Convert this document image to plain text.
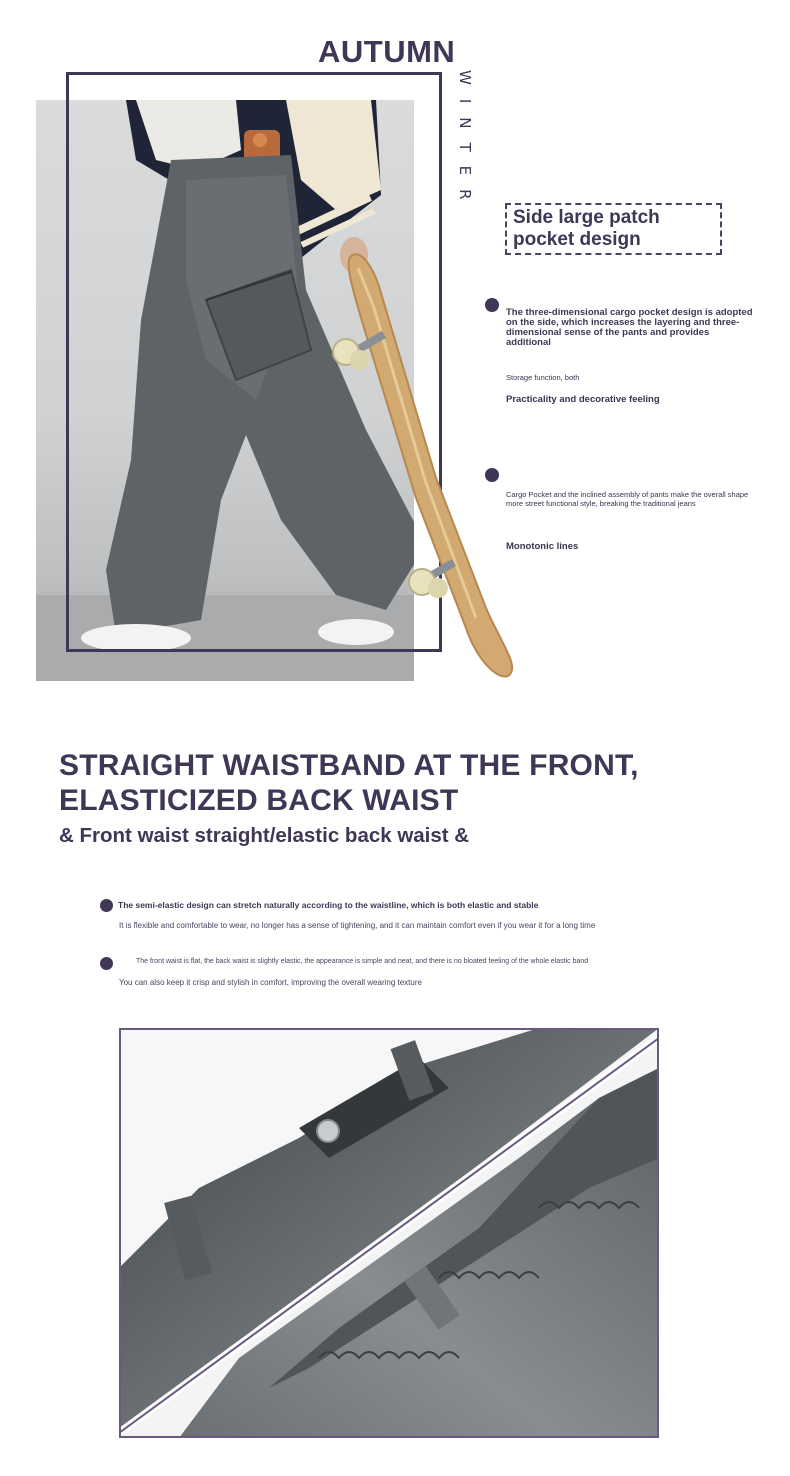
AUTUMN
WINTER
Side large patch
pocket design
The three-dimensional cargo pocket design is adopted on the side, which increases the layering and three-dimensional sense of the pants and provides additional
Storage function, both
Practicality and decorative feeling
Cargo Pocket and the inclined assembly of pants make the overall shape more street functional style, breaking the traditional jeans
Monotonic lines
STRAIGHT WAISTBAND AT THE FRONT,
ELASTICIZED BACK WAIST
& Front waist straight/elastic back waist &
The semi-elastic design can stretch naturally according to the waistline, which is both elastic and stable
It is flexible and comfortable to wear, no longer has a sense of tightening, and it can maintain comfort even if you wear it for a long time
The front waist is flat, the back waist is slightly elastic, the appearance is simple and neat, and there is no bloated feeling of the whole elastic band
You can also keep it crisp and stylish in comfort, improving the overall wearing texture
